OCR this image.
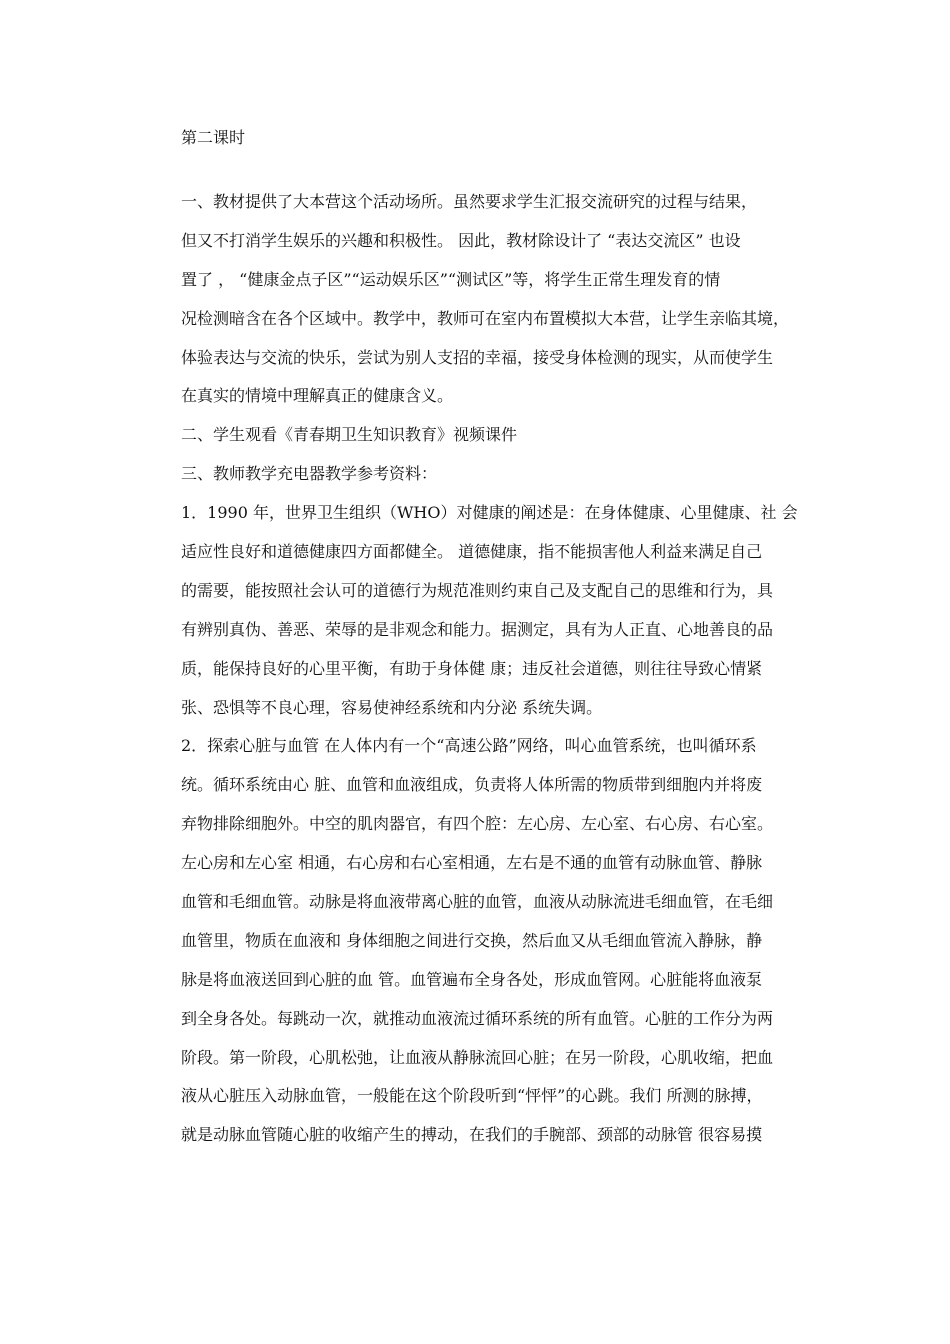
第二课时
一、教材提供了大本营这个活动场所。虽然要求学生汇报交流研究的过程与结果，
但又不打消学生娱乐的兴趣和积极性。 因此，教材除设计了 “表达交流区” 也设
置了 ， “健康金点子区”“运动娱乐区”“测试区”等，将学生正常生理发育的情
况检测暗含在各个区域中。教学中，教师可在室内布置模拟大本营，让学生亲临其境，
体验表达与交流的快乐，尝试为别人支招的幸福，接受身体检测的现实，从而使学生
在真实的情境中理解真正的健康含义。
二、学生观看《青春期卫生知识教育》视频课件
三、教师教学充电器教学参考资料：
1．1990 年，世界卫生组织（WHO）对健康的阐述是：在身体健康、心里健康、社 会
适应性良好和道德健康四方面都健全。 道德健康，指不能损害他人利益来满足自己
的需要，能按照社会认可的道德行为规范准则约束自己及支配自己的思维和行为，具
有辨别真伪、善恶、荣辱的是非观念和能力。据测定，具有为人正直、心地善良的品
质，能保持良好的心里平衡，有助于身体健 康；违反社会道德，则往往导致心情紧
张、恐惧等不良心理，容易使神经系统和内分泌 系统失调。
2．探索心脏与血管 在人体内有一个“高速公路”网络，叫心血管系统，也叫循环系
统。循环系统由心 脏、血管和血液组成，负责将人体所需的物质带到细胞内并将废
弃物排除细胞外。中空的肌肉器官，有四个腔：左心房、左心室、右心房、右心室。
左心房和左心室 相通，右心房和右心室相通，左右是不通的血管有动脉血管、静脉
血管和毛细血管。动脉是将血液带离心脏的血管，血液从动脉流进毛细血管，在毛细
血管里，物质在血液和 身体细胞之间进行交换，然后血又从毛细血管流入静脉，静
脉是将血液送回到心脏的血 管。血管遍布全身各处，形成血管网。心脏能将血液泵
到全身各处。每跳动一次，就推动血液流过循环系统的所有血管。心脏的工作分为两
阶段。第一阶段，心肌松弛，让血液从静脉流回心脏；在另一阶段，心肌收缩，把血
液从心脏压入动脉血管，一般能在这个阶段听到“怦怦”的心跳。我们 所测的脉搏，
就是动脉血管随心脏的收缩产生的搏动，在我们的手腕部、颈部的动脉管 很容易摸
